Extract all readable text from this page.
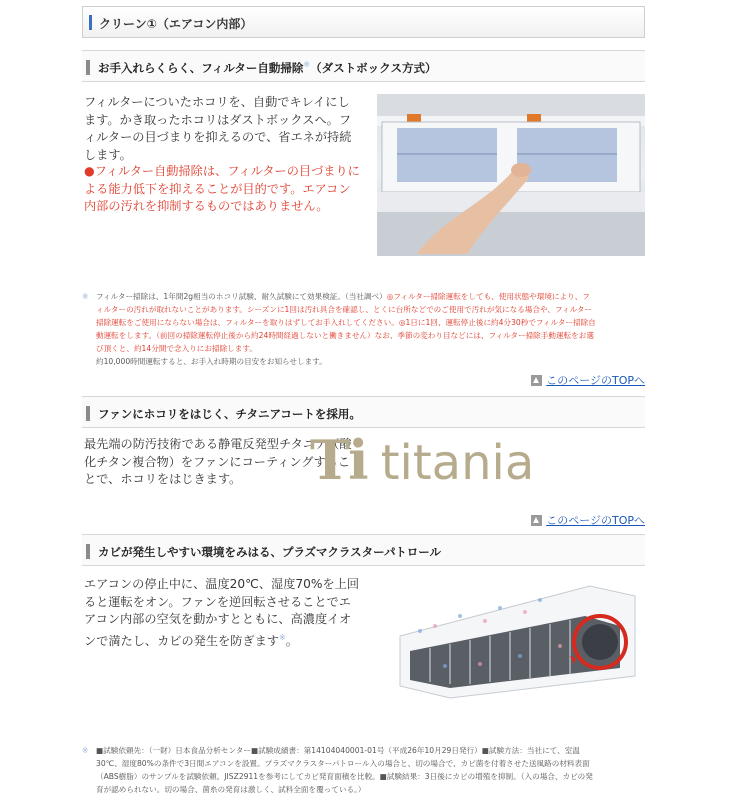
クリーン①（エアコン内部）
お手入れらくらく、フィルター自動掃除※（ダストボックス方式）
フィルターについたホコリを、自動でキレイにし
ます。かき取ったホコリはダストボックスへ。フ
ィルターの目づまりを抑えるので、省エネが持続
します。
●フィルター自動掃除は、フィルターの目づまりに
よる能力低下を抑えることが目的です。エアコン
内部の汚れを抑制するものではありません。
※ フィルター掃除は、1年間2g相当のホコリ試験、耐久試験にて効果検証。（当社調べ）◎フィルター掃除運転をしても、使用状態や環境により、フ
ィルターの汚れが取れないことがあります。シーズンに1回は汚れ具合を確認し、とくに台所などでのご使用で汚れが気になる場合や、フィルター
掃除運転をご使用にならない場合は、フィルターを取りはずしてお手入れしてください。◎1日に1回、運転停止後に約4分30秒でフィルター掃除自
動運転をします。（前回の掃除運転停止後から約24時間経過しないと働きません）なお、季節の変わり目などには、フィルター掃除手動運転をお選
び頂くと、約14分間で念入りにお掃除します。
約10,000時間運転すると、お手入れ時期の目安をお知らせします。
このページのTOPへ
ファンにホコリをはじく、チタニアコートを採用。
最先端の防汚技術である静電反発型チタニア（酸
化チタン複合物）をファンにコーティングするこ
とで、ホコリをはじきます。	Ti titania
このページのTOPへ
カビが発生しやすい環境をみはる、プラズマクラスターパトロール
エアコンの停止中に、温度20℃、湿度70%を上回
ると運転をオン。ファンを逆回転させることでエ
アコン内部の空気を動かすとともに、高濃度イオ
ンで満たし、カビの発生を防ぎます※。
※ ■試験依頼先：（一財）日本食品分析センター■試験成績書：第14104040001-01号（平成26年10月29日発行）■試験方法：当社にて、室温
30℃、湿度80%の条件で3日間エアコンを設置。プラズマクラスターパトロール入の場合と、切の場合で、カビ菌を付着させた送風路の材料表面
（ABS樹脂）のサンプルを試験依頼。JISZ2911を参考にしてカビ発育面積を比較。■試験結果：3日後にカビの増殖を抑制。（入の場合、カビの発
育が認められない。切の場合、菌糸の発育は激しく、試料全面を覆っている。）
